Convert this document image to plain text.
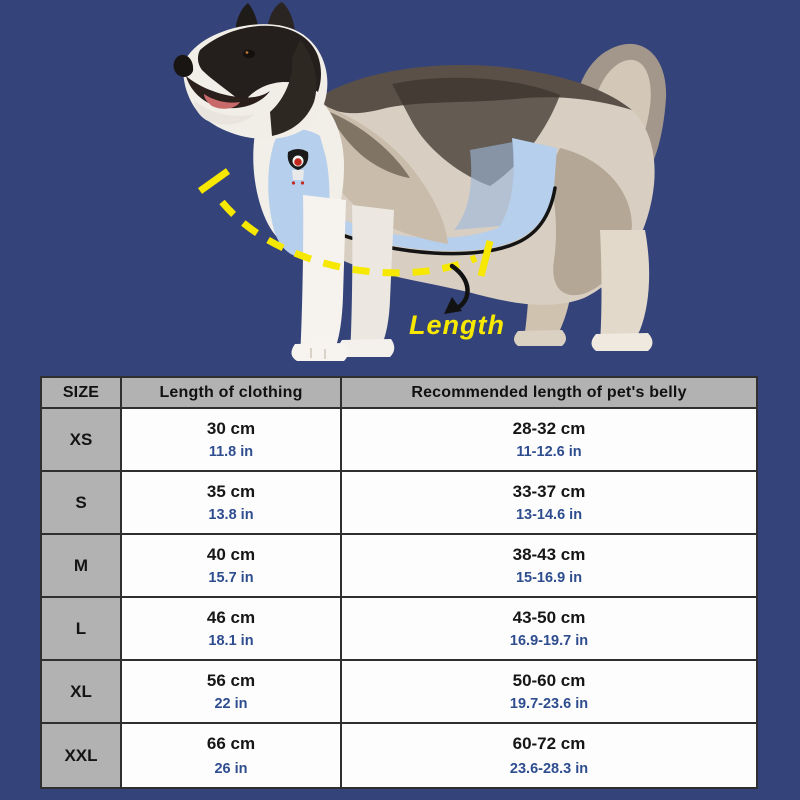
Length
SIZE	Length of clothing	Recommended length of pet's belly
XS
30 cm
11.8 in
28-32 cm
11-12.6 in
S
35 cm
13.8 in
33-37 cm
13-14.6 in
M
40 cm
15.7 in
38-43 cm
15-16.9 in
L
46 cm
18.1 in
43-50 cm
16.9-19.7 in
XL
56 cm
22 in
50-60 cm
19.7-23.6 in
XXL
66 cm
26 in
60-72 cm
23.6-28.3 in
